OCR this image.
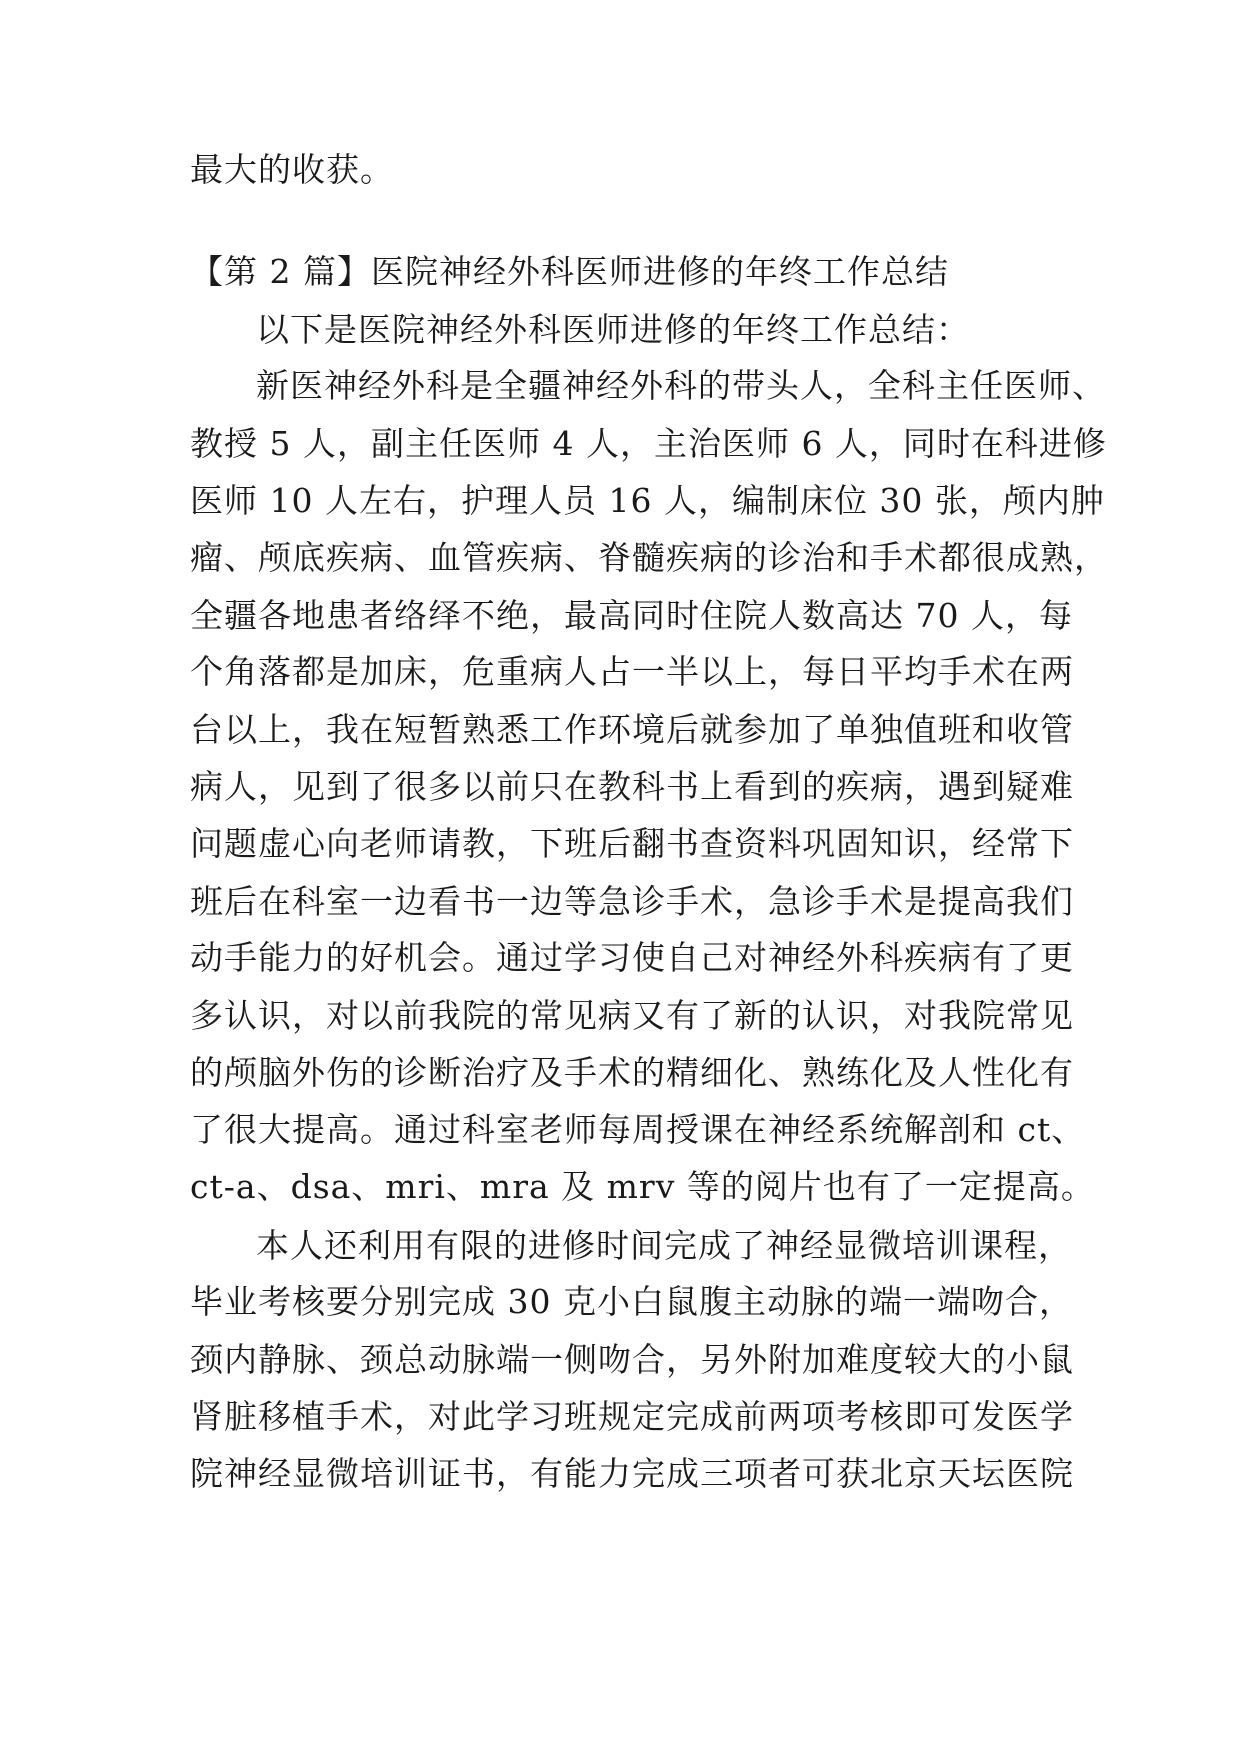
最大的收获。
【第 2 篇】医院神经外科医师进修的年终工作总结
以下是医院神经外科医师进修的年终工作总结：
新医神经外科是全疆神经外科的带头人，全科主任医师、
教授 5 人，副主任医师 4 人，主治医师 6 人，同时在科进修
医师 10 人左右，护理人员 16 人，编制床位 30 张，颅内肿
瘤、颅底疾病、血管疾病、脊髓疾病的诊治和手术都很成熟，
全疆各地患者络绎不绝，最高同时住院人数高达 70 人，每
个角落都是加床，危重病人占一半以上，每日平均手术在两
台以上，我在短暂熟悉工作环境后就参加了单独值班和收管
病人，见到了很多以前只在教科书上看到的疾病，遇到疑难
问题虚心向老师请教，下班后翻书查资料巩固知识，经常下
班后在科室一边看书一边等急诊手术，急诊手术是提高我们
动手能力的好机会。通过学习使自己对神经外科疾病有了更
多认识，对以前我院的常见病又有了新的认识，对我院常见
的颅脑外伤的诊断治疗及手术的精细化、熟练化及人性化有
了很大提高。通过科室老师每周授课在神经系统解剖和 ct、
ct-a、dsa、mri、mra 及 mrv 等的阅片也有了一定提高。
本人还利用有限的进修时间完成了神经显微培训课程，
毕业考核要分别完成 30 克小白鼠腹主动脉的端一端吻合，
颈内静脉、颈总动脉端一侧吻合，另外附加难度较大的小鼠
肾脏移植手术，对此学习班规定完成前两项考核即可发医学
院神经显微培训证书，有能力完成三项者可获北京天坛医院
